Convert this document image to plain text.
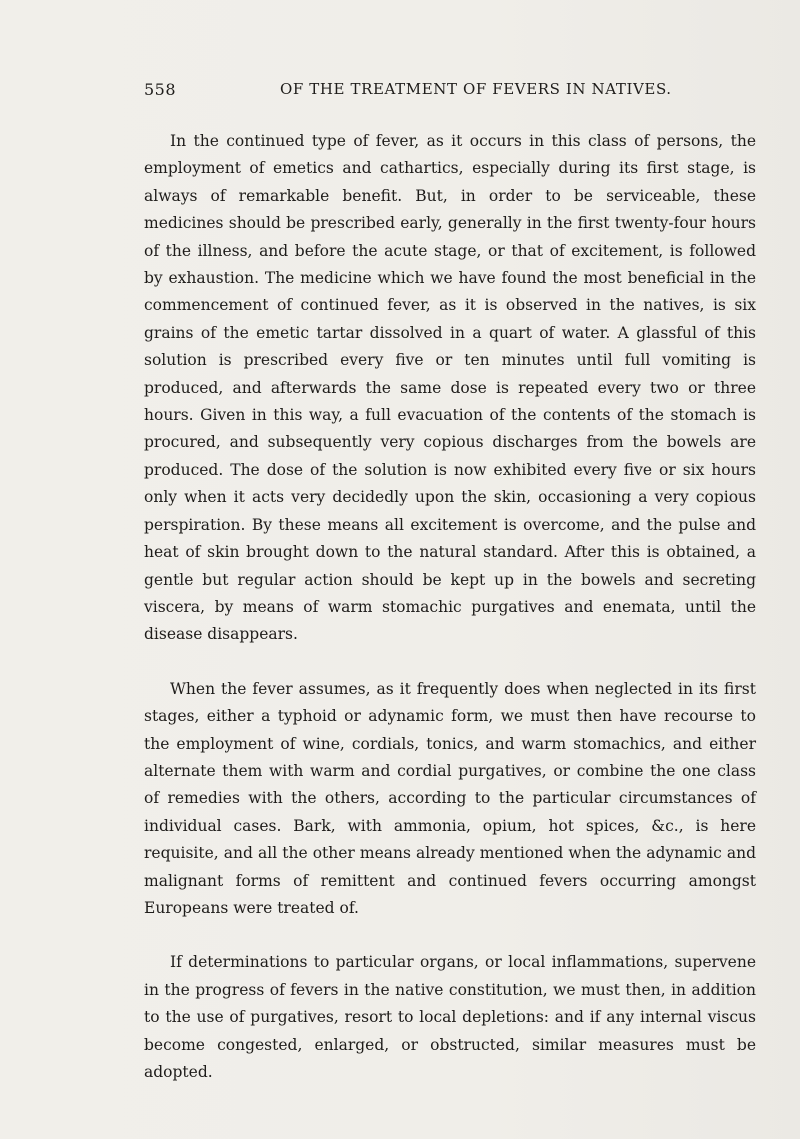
558	OF THE TREATMENT OF FEVERS IN NATIVES.

In the continued type of fever, as it occurs in this class of persons, the employment of emetics and cathartics, especially during its first stage, is always of remarkable benefit. But, in order to be serviceable, these medicines should be prescribed early, generally in the first twenty-four hours of the illness, and before the acute stage, or that of excitement, is followed by exhaustion. The medicine which we have found the most beneficial in the commencement of continued fever, as it is observed in the natives, is six grains of the emetic tartar dissolved in a quart of water. A glassful of this solution is prescribed every five or ten minutes until full vomiting is produced, and afterwards the same dose is repeated every two or three hours. Given in this way, a full evacuation of the contents of the stomach is procured, and subsequently very copious discharges from the bowels are produced. The dose of the solution is now exhibited every five or six hours only when it acts very decidedly upon the skin, occasioning a very copious perspiration. By these means all excitement is overcome, and the pulse and heat of skin brought down to the natural standard. After this is obtained, a gentle but regular action should be kept up in the bowels and secreting viscera, by means of warm stomachic purgatives and enemata, until the disease disappears.

When the fever assumes, as it frequently does when neglected in its first stages, either a typhoid or adynamic form, we must then have recourse to the employment of wine, cordials, tonics, and warm stomachics, and either alternate them with warm and cordial purgatives, or combine the one class of remedies with the others, according to the particular circumstances of individual cases. Bark, with ammonia, opium, hot spices, &c., is here requisite, and all the other means already mentioned when the adynamic and malignant forms of remittent and continued fevers occurring amongst Europeans were treated of.

If determinations to particular organs, or local inflammations, supervene in the progress of fevers in the native constitution, we must then, in addition to the use of purgatives, resort to local depletions: and if any internal viscus become congested, enlarged, or obstructed, similar measures must be adopted.
